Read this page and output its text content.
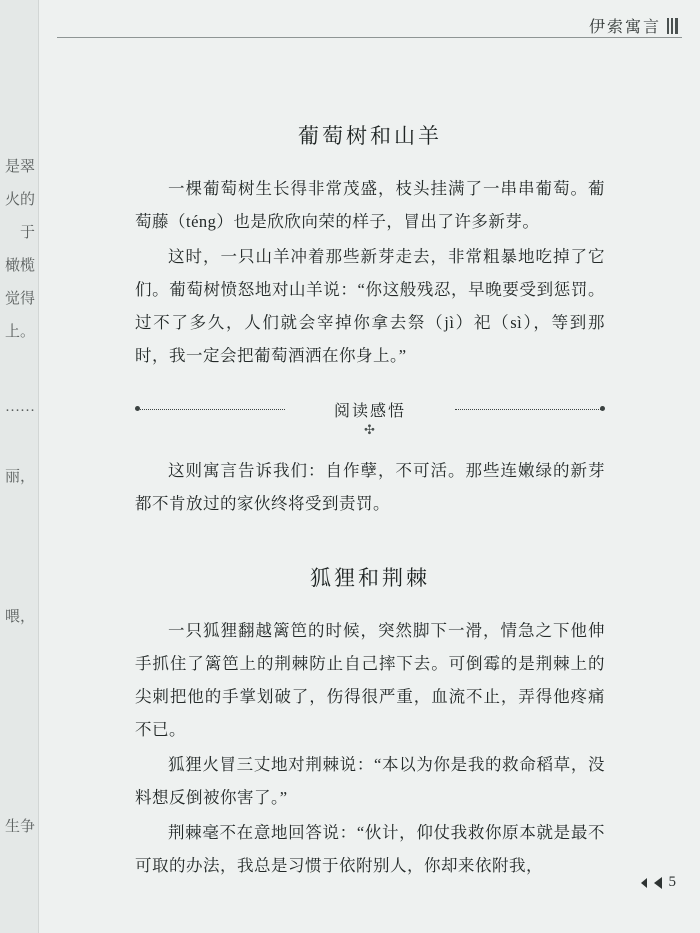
是翠
火的
于
橄榄
觉得
上。
……
丽，
喂，
生争
伊索寓言
葡萄树和山羊

一棵葡萄树生长得非常茂盛，枝头挂满了一串串葡萄。葡萄藤（téng）也是欣欣向荣的样子，冒出了许多新芽。

这时，一只山羊冲着那些新芽走去，非常粗暴地吃掉了它们。葡萄树愤怒地对山羊说：“你这般残忍，早晚要受到惩罚。过不了多久，人们就会宰掉你拿去祭（jì）祀（sì），等到那时，我一定会把葡萄酒洒在你身上。”

阅读感悟
✣

这则寓言告诉我们：自作孽，不可活。那些连嫩绿的新芽都不肯放过的家伙终将受到责罚。

狐狸和荆棘

一只狐狸翻越篱笆的时候，突然脚下一滑，情急之下他伸手抓住了篱笆上的荆棘防止自己摔下去。可倒霉的是荆棘上的尖刺把他的手掌划破了，伤得很严重，血流不止，弄得他疼痛不已。

狐狸火冒三丈地对荆棘说：“本以为你是我的救命稻草，没料想反倒被你害了。”

荆棘毫不在意地回答说：“伙计，仰仗我救你原本就是最不可取的办法，我总是习惯于依附别人，你却来依附我，

5
